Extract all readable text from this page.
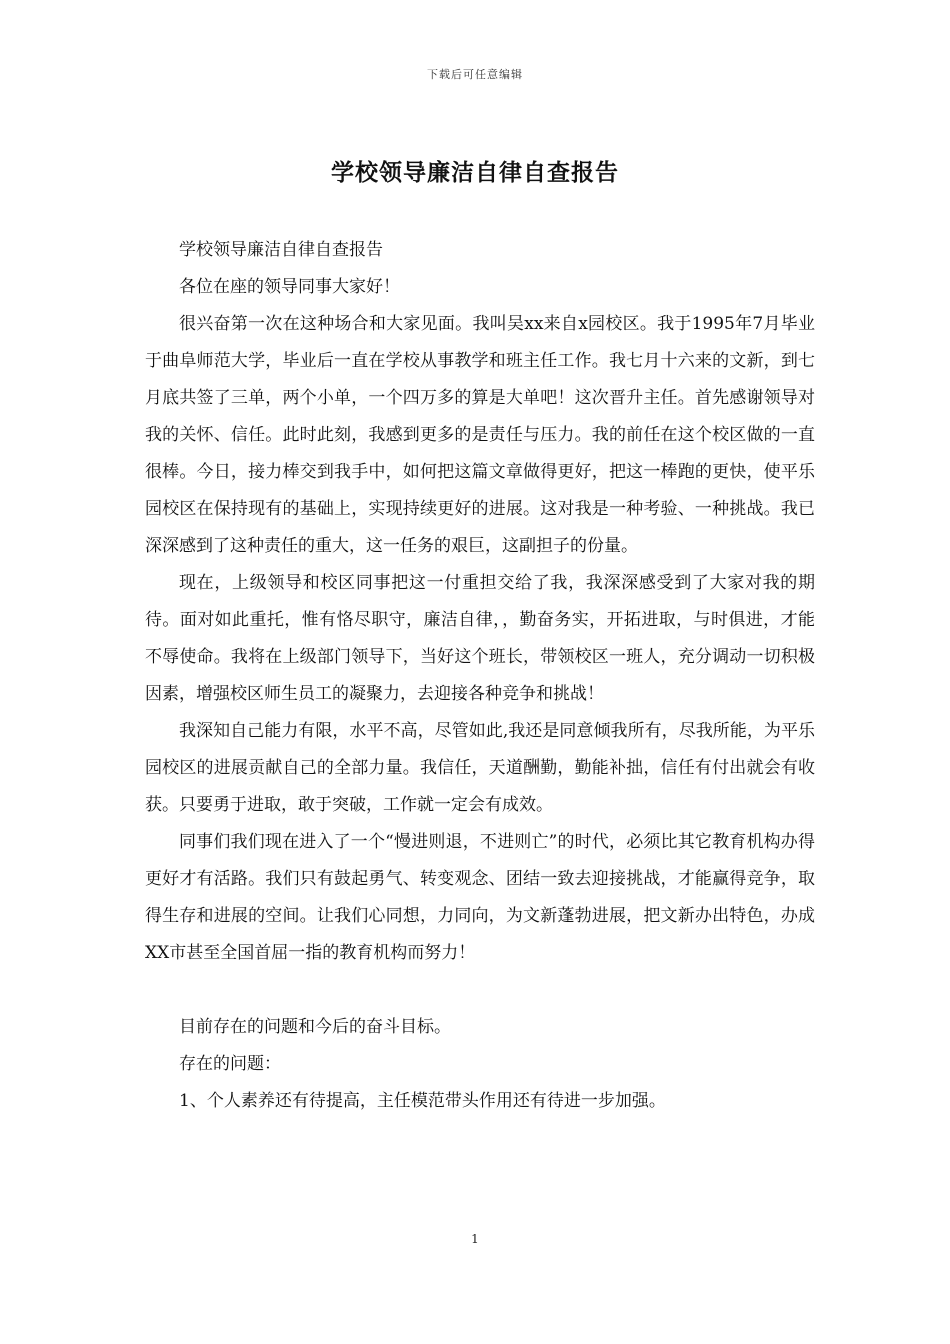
下载后可任意编辑
学校领导廉洁自律自查报告

学校领导廉洁自律自查报告

各位在座的领导同事大家好！

很兴奋第一次在这种场合和大家见面。我叫吴xx来自x园校区。我于1995年7月毕业于曲阜师范大学，毕业后一直在学校从事教学和班主任工作。我七月十六来的文新，到七月底共签了三单，两个小单，一个四万多的算是大单吧！这次晋升主任。首先感谢领导对我的关怀、信任。此时此刻，我感到更多的是责任与压力。我的前任在这个校区做的一直很棒。今日，接力棒交到我手中，如何把这篇文章做得更好，把这一棒跑的更快，使平乐园校区在保持现有的基础上，实现持续更好的进展。这对我是一种考验、一种挑战。我已深深感到了这种责任的重大，这一任务的艰巨，这副担子的份量。

现在，上级领导和校区同事把这一付重担交给了我，我深深感受到了大家对我的期待。面对如此重托，惟有恪尽职守，廉洁自律，，勤奋务实，开拓进取，与时俱进，才能不辱使命。我将在上级部门领导下，当好这个班长，带领校区一班人，充分调动一切积极因素，增强校区师生员工的凝聚力，去迎接各种竞争和挑战！

我深知自己能力有限，水平不高，尽管如此,我还是同意倾我所有，尽我所能，为平乐园校区的进展贡献自己的全部力量。我信任，天道酬勤，勤能补拙，信任有付出就会有收获。只要勇于进取，敢于突破，工作就一定会有成效。

同事们我们现在进入了一个“慢进则退，不进则亡”的时代，必须比其它教育机构办得更好才有活路。我们只有鼓起勇气、转变观念、团结一致去迎接挑战，才能赢得竞争，取得生存和进展的空间。让我们心同想，力同向，为文新蓬勃进展，把文新办出特色，办成XX市甚至全国首屈一指的教育机构而努力！

目前存在的问题和今后的奋斗目标。

存在的问题：

1、个人素养还有待提高，主任模范带头作用还有待进一步加强。

1
